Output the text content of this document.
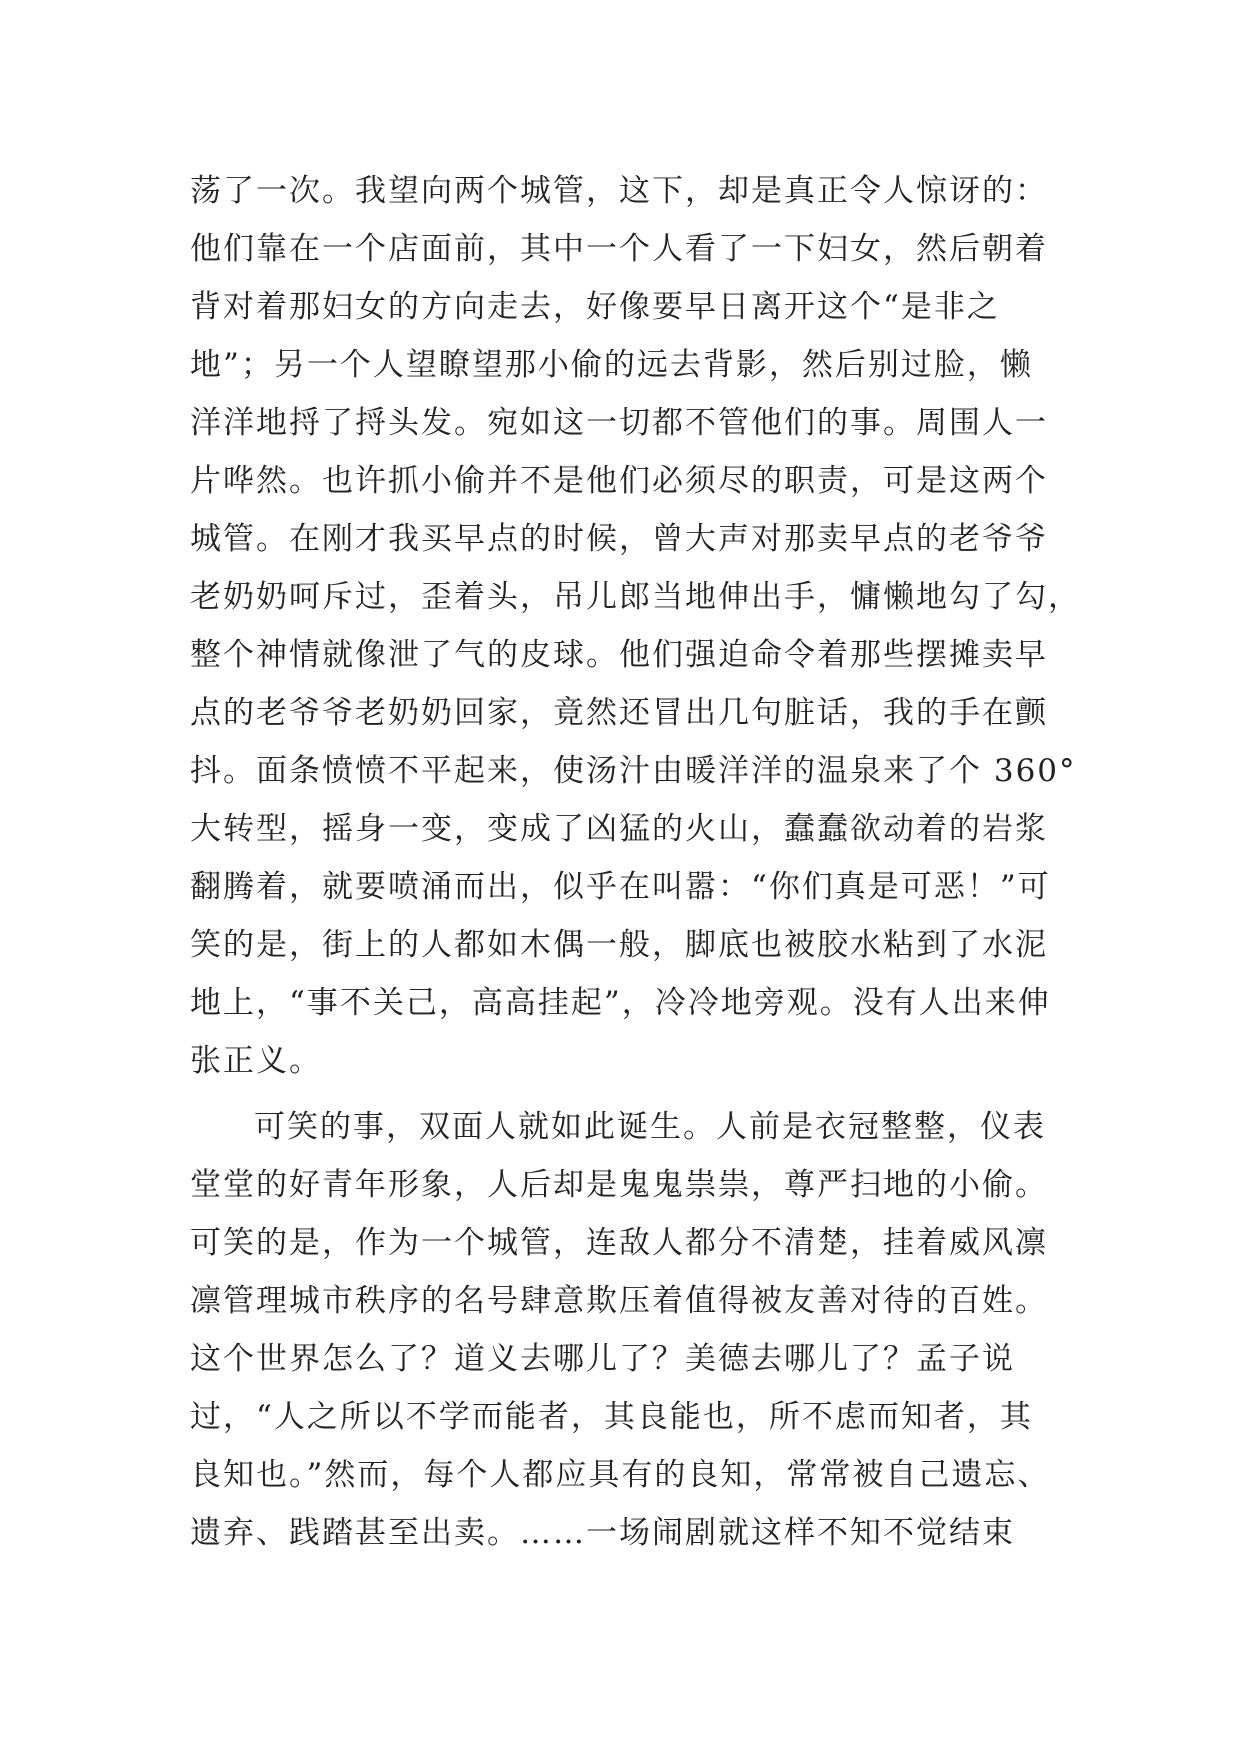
荡了一次。我望向两个城管，这下，却是真正令人惊讶的：
他们靠在一个店面前，其中一个人看了一下妇女，然后朝着
背对着那妇女的方向走去，好像要早日离开这个“是非之
地”；另一个人望瞭望那小偷的远去背影，然后别过脸，懒
洋洋地捋了捋头发。宛如这一切都不管他们的事。周围人一
片哗然。也许抓小偷并不是他们必须尽的职责，可是这两个
城管。在刚才我买早点的时候，曾大声对那卖早点的老爷爷
老奶奶呵斥过，歪着头，吊儿郎当地伸出手，慵懒地勾了勾，
整个神情就像泄了气的皮球。他们强迫命令着那些摆摊卖早
点的老爷爷老奶奶回家，竟然还冒出几句脏话，我的手在颤
抖。面条愤愤不平起来，使汤汁由暖洋洋的温泉来了个 360°
大转型，摇身一变，变成了凶猛的火山，蠢蠢欲动着的岩浆
翻腾着，就要喷涌而出，似乎在叫嚣：“你们真是可恶！”可
笑的是，街上的人都如木偶一般，脚底也被胶水粘到了水泥
地上，“事不关己，高高挂起”，冷冷地旁观。没有人出来伸
张正义。
可笑的事，双面人就如此诞生。人前是衣冠整整，仪表
堂堂的好青年形象，人后却是鬼鬼祟祟，尊严扫地的小偷。
可笑的是，作为一个城管，连敌人都分不清楚，挂着威风凛
凛管理城市秩序的名号肆意欺压着值得被友善对待的百姓。
这个世界怎么了？道义去哪儿了？美德去哪儿了？孟子说
过，“人之所以不学而能者，其良能也，所不虑而知者，其
良知也。”然而，每个人都应具有的良知，常常被自己遗忘、
遗弃、践踏甚至出卖。……一场闹剧就这样不知不觉结束
